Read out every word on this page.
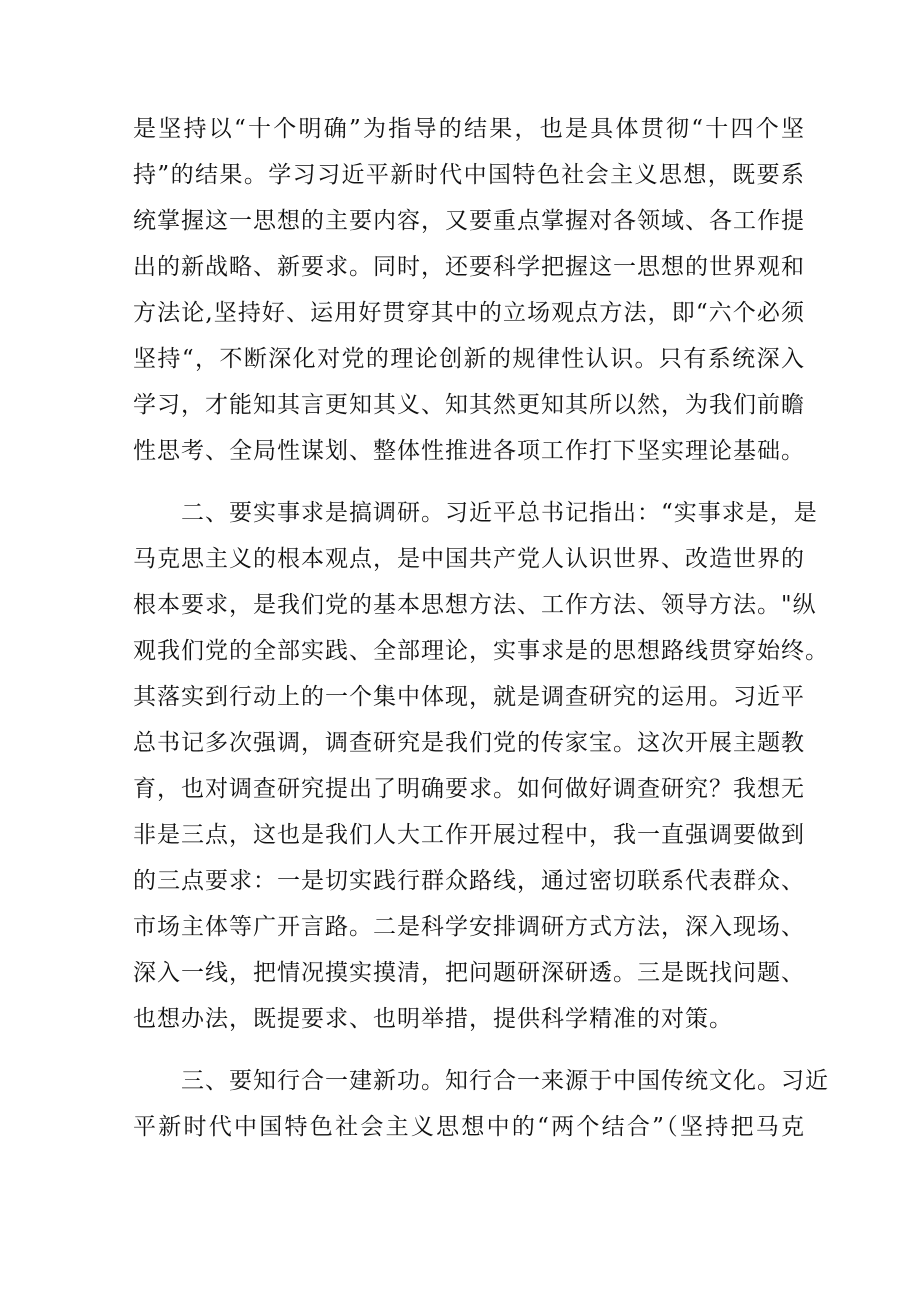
是坚持以“十个明确”为指导的结果，也是具体贯彻“十四个坚
持”的结果。学习习近平新时代中国特色社会主义思想，既要系
统掌握这一思想的主要内容，又要重点掌握对各领域、各工作提
出的新战略、新要求。同时，还要科学把握这一思想的世界观和
方法论,坚持好、运用好贯穿其中的立场观点方法，即“六个必须
坚持“，不断深化对党的理论创新的规律性认识。只有系统深入
学习，才能知其言更知其义、知其然更知其所以然，为我们前瞻
性思考、全局性谋划、整体性推进各项工作打下坚实理论基础。
二、要实事求是搞调研。习近平总书记指出：“实事求是，是
马克思主义的根本观点，是中国共产党人认识世界、改造世界的
根本要求，是我们党的基本思想方法、工作方法、领导方法。"纵
观我们党的全部实践、全部理论，实事求是的思想路线贯穿始终。
其落实到行动上的一个集中体现，就是调查研究的运用。习近平
总书记多次强调，调查研究是我们党的传家宝。这次开展主题教
育，也对调查研究提出了明确要求。如何做好调查研究？我想无
非是三点，这也是我们人大工作开展过程中，我一直强调要做到
的三点要求：一是切实践行群众路线，通过密切联系代表群众、
市场主体等广开言路。二是科学安排调研方式方法，深入现场、
深入一线，把情况摸实摸清，把问题研深研透。三是既找问题、
也想办法，既提要求、也明举措，提供科学精准的对策。
三、要知行合一建新功。知行合一来源于中国传统文化。习近
平新时代中国特色社会主义思想中的“两个结合”（坚持把马克
